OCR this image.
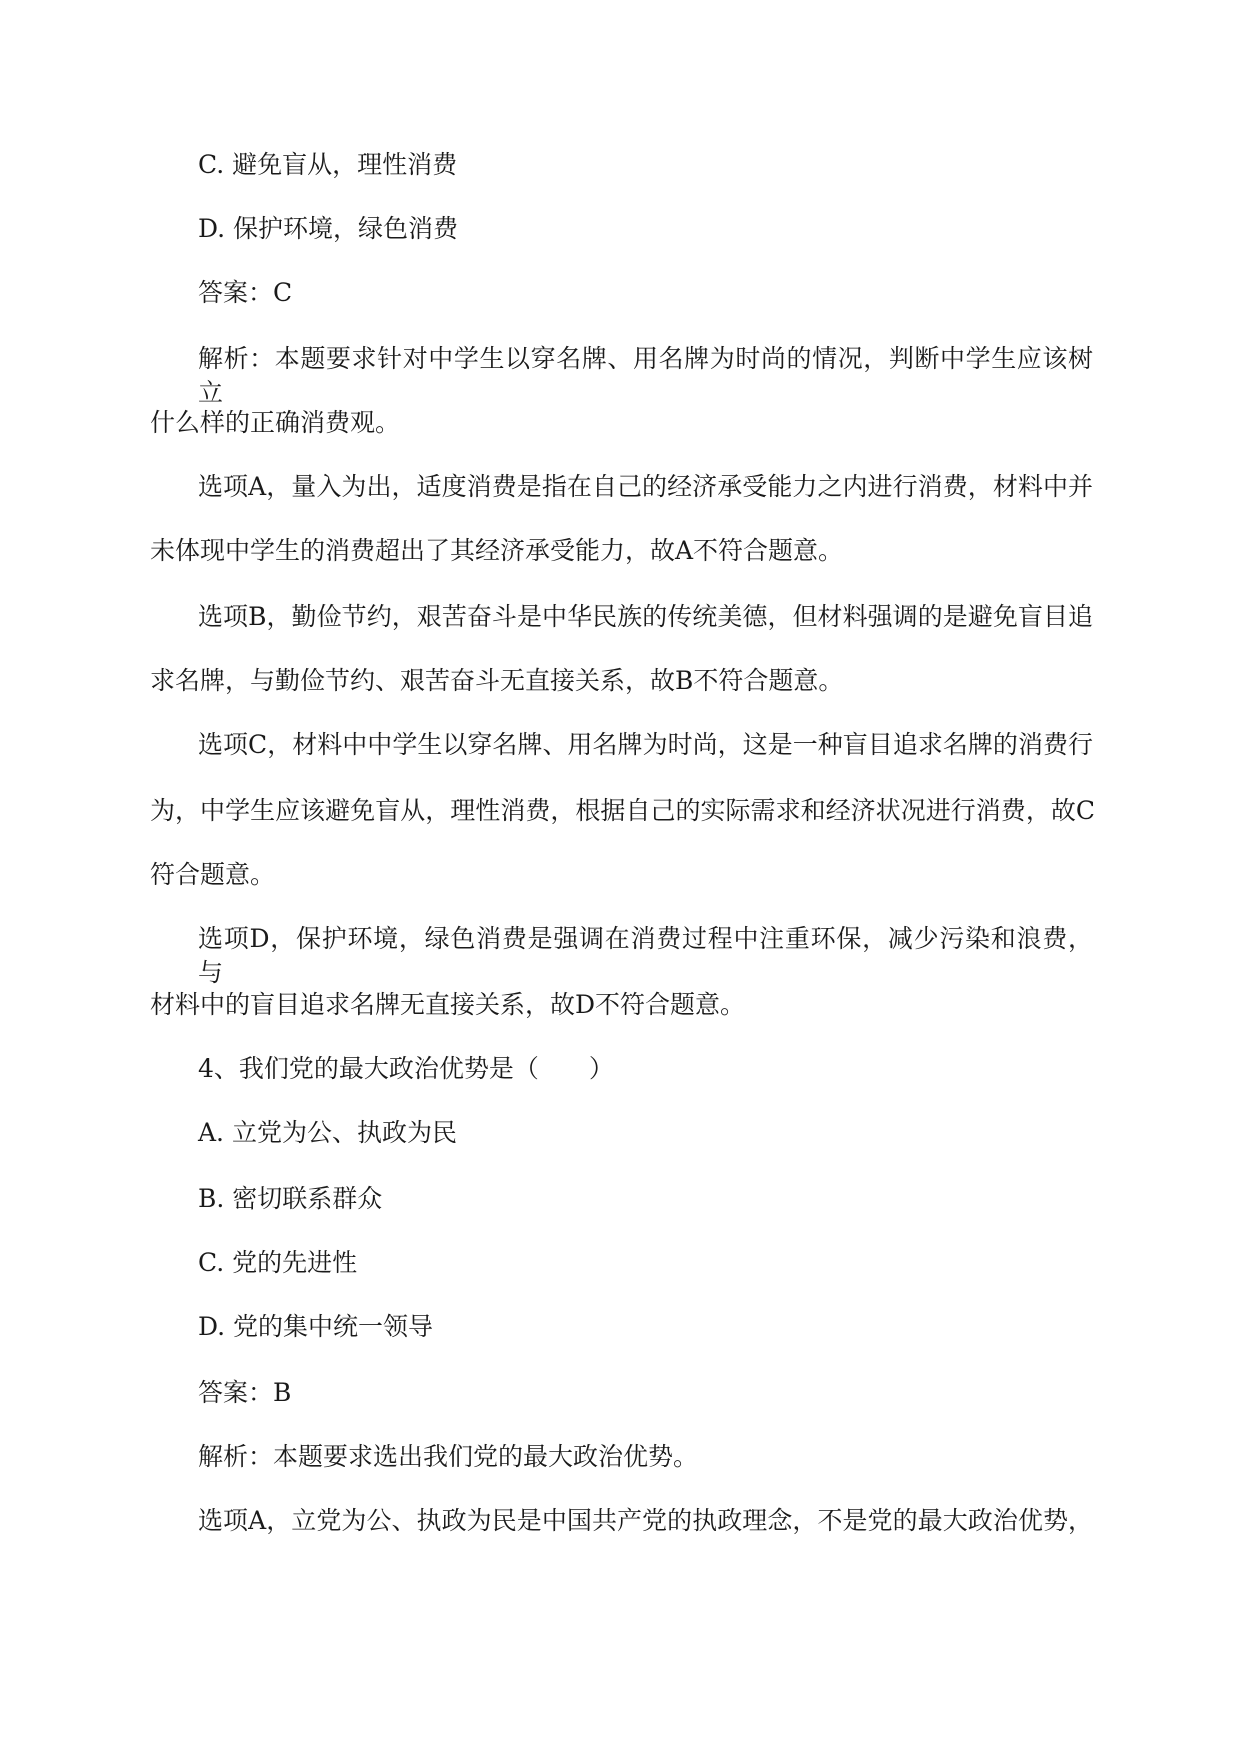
C. 避免盲从，理性消费
D. 保护环境，绿色消费
答案：C
解析：本题要求针对中学生以穿名牌、用名牌为时尚的情况，判断中学生应该树立
什么样的正确消费观。
选项A，量入为出，适度消费是指在自己的经济承受能力之内进行消费，材料中并
未体现中学生的消费超出了其经济承受能力，故A不符合题意。
选项B，勤俭节约，艰苦奋斗是中华民族的传统美德，但材料强调的是避免盲目追
求名牌，与勤俭节约、艰苦奋斗无直接关系，故B不符合题意。
选项C，材料中中学生以穿名牌、用名牌为时尚，这是一种盲目追求名牌的消费行
为，中学生应该避免盲从，理性消费，根据自己的实际需求和经济状况进行消费，故C
符合题意。
选项D，保护环境，绿色消费是强调在消费过程中注重环保，减少污染和浪费，与
材料中的盲目追求名牌无直接关系，故D不符合题意。
4、我们党的最大政治优势是（　　）
A. 立党为公、执政为民
B. 密切联系群众
C. 党的先进性
D. 党的集中统一领导
答案：B
解析：本题要求选出我们党的最大政治优势。
选项A，立党为公、执政为民是中国共产党的执政理念，不是党的最大政治优势，
